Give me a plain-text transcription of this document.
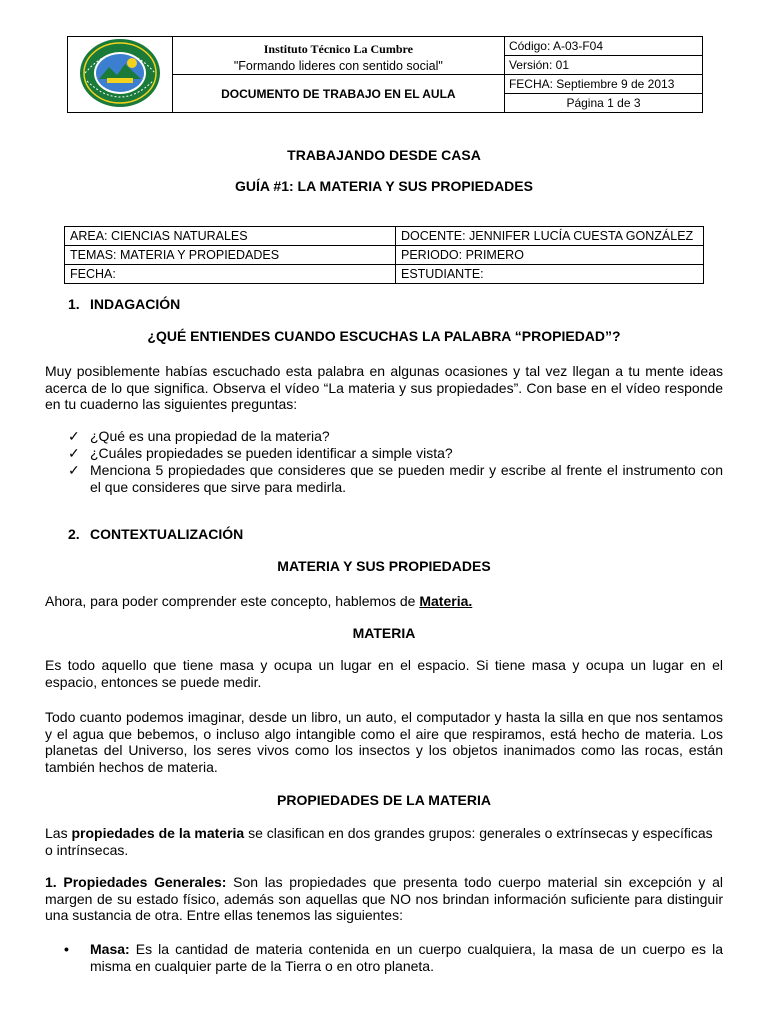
Instituto Técnico La Cumbre
"Formando lideres con sentido social"	Código: A-03-F04
		Versión: 01
	DOCUMENTO DE TRABAJO EN EL AULA	FECHA: Septiembre 9 de 2013
		Página 1 de 3
TRABAJANDO DESDE CASA
GUÍA #1: LA MATERIA Y SUS PROPIEDADES
AREA: CIENCIAS NATURALES	DOCENTE: JENNIFER LUCÍA CUESTA GONZÁLEZ
TEMAS: MATERIA Y PROPIEDADES	PERIODO: PRIMERO
FECHA:	ESTUDIANTE:
1. INDAGACIÓN
¿QUÉ ENTIENDES CUANDO ESCUCHAS LA PALABRA “PROPIEDAD”?
Muy posiblemente habías escuchado esta palabra en algunas ocasiones y tal vez llegan a tu mente ideas acerca de lo que significa. Observa el vídeo “La materia y sus propiedades”. Con base en el vídeo responde en tu cuaderno las siguientes preguntas:
✓ ¿Qué es una propiedad de la materia?
✓ ¿Cuáles propiedades se pueden identificar a simple vista?
✓ Menciona 5 propiedades que consideres que se pueden medir y escribe al frente el instrumento con el que consideres que sirve para medirla.
2. CONTEXTUALIZACIÓN
MATERIA Y SUS PROPIEDADES
Ahora, para poder comprender este concepto, hablemos de Materia.
MATERIA
Es todo aquello que tiene masa y ocupa un lugar en el espacio. Si tiene masa y ocupa un lugar en el espacio, entonces se puede medir.
Todo cuanto podemos imaginar, desde un libro, un auto, el computador y hasta la silla en que nos sentamos y el agua que bebemos, o incluso algo intangible como el aire que respiramos, está hecho de materia. Los planetas del Universo, los seres vivos como los insectos y los objetos inanimados como las rocas, están también hechos de materia.
PROPIEDADES DE LA MATERIA
Las propiedades de la materia se clasifican en dos grandes grupos: generales o extrínsecas y específicas o intrínsecas.
1. Propiedades Generales: Son las propiedades que presenta todo cuerpo material sin excepción y al margen de su estado físico, además son aquellas que NO nos brindan información suficiente para distinguir una sustancia de otra. Entre ellas tenemos las siguientes:
•	Masa: Es la cantidad de materia contenida en un cuerpo cualquiera, la masa de un cuerpo es la misma en cualquier parte de la Tierra o en otro planeta.
